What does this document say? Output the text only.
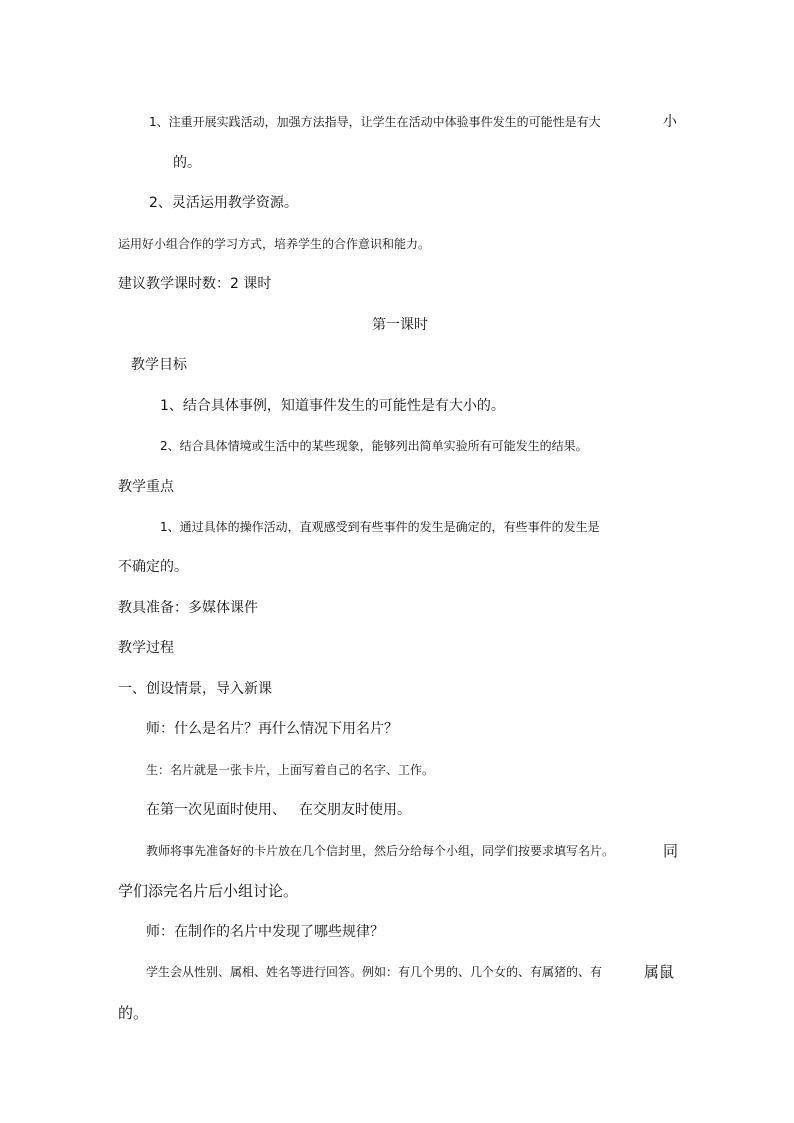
1、注重开展实践活动，加强方法指导，让学生在活动中体验事件发生的可能性是有大	小
的。
2、灵活运用教学资源。
运用好小组合作的学习方式，培养学生的合作意识和能力。
建议教学课时数：2 课时
第一课时
教学目标
1、结合具体事例，知道事件发生的可能性是有大小的。
2、结合具体情境或生活中的某些现象，能够列出简单实验所有可能发生的结果。
教学重点
1、通过具体的操作活动，直观感受到有些事件的发生是确定的，有些事件的发生是
不确定的。
教具准备：多媒体课件
教学过程
一、创设情景，导入新课
师：什么是名片？再什么情况下用名片？
生：名片就是一张卡片，上面写着自己的名字、工作。
在第一次见面时使用、 在交朋友时使用。
教师将事先准备好的卡片放在几个信封里，然后分给每个小组，同学们按要求填写名片。	同
学们添完名片后小组讨论。
师：在制作的名片中发现了哪些规律？
学生会从性别、属相、姓名等进行回答。例如：有几个男的、几个女的、有属猪的、有	属鼠
的。
